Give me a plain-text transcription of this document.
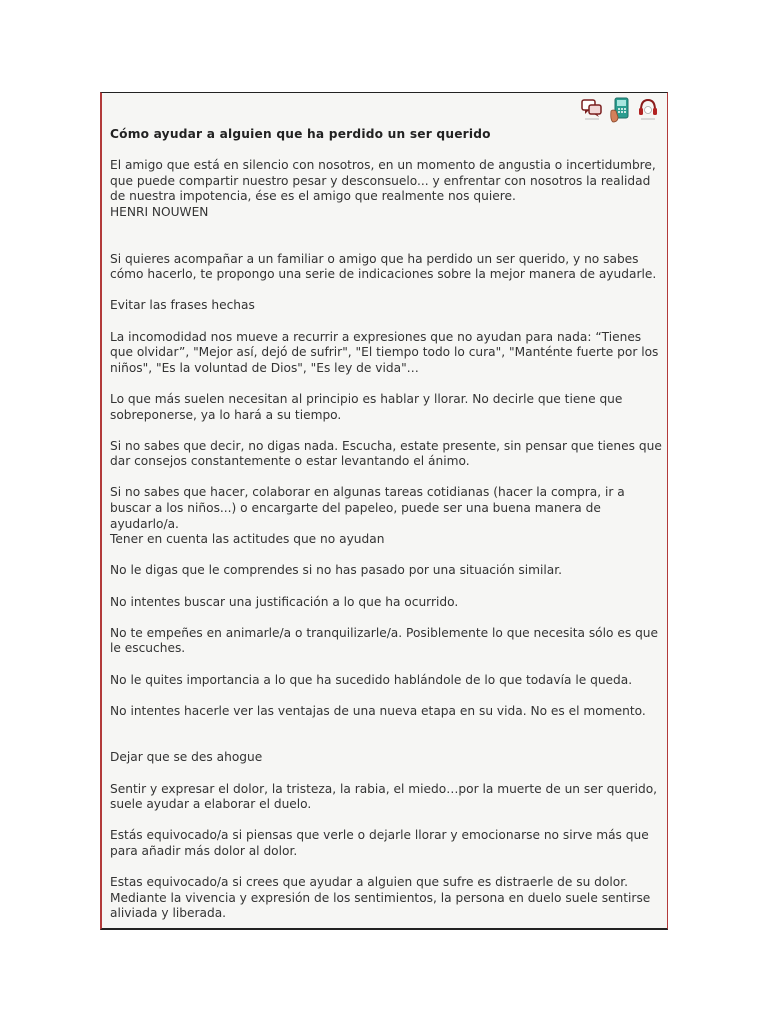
Cómo ayudar a alguien que ha perdido un ser querido

El amigo que está en silencio con nosotros, en un momento de angustia o incertidumbre, que puede compartir nuestro pesar y desconsuelo... y enfrentar con nosotros la realidad de nuestra impotencia, ése es el amigo que realmente nos quiere.

HENRI NOUWEN

Si quieres acompañar a un familiar o amigo que ha perdido un ser querido, y no sabes cómo hacerlo, te propongo una serie de indicaciones sobre la mejor manera de ayudarle.

Evitar las frases hechas

La incomodidad nos mueve a recurrir a expresiones que no ayudan para nada: “Tienes que olvidar”, "Mejor así, dejó de sufrir", "El tiempo todo lo cura", "Manténte fuerte por los niños", "Es la voluntad de Dios", "Es ley de vida"…

Lo que más suelen necesitan al principio es hablar y llorar. No decirle que tiene que sobreponerse, ya lo hará a su tiempo.

Si no sabes que decir, no digas nada. Escucha, estate presente, sin pensar que tienes que dar consejos constantemente o estar levantando el ánimo.

Si no sabes que hacer, colaborar en algunas tareas cotidianas (hacer la compra, ir a buscar a los niños...) o encargarte del papeleo, puede ser una buena manera de ayudarlo/a.

Tener en cuenta las actitudes que no ayudan

No le digas que le comprendes si no has pasado por una situación similar.

No intentes buscar una justificación a lo que ha ocurrido.

No te empeñes en animarle/a o tranquilizarle/a. Posiblemente lo que necesita sólo es que le escuches.

No le quites importancia a lo que ha sucedido hablándole de lo que todavía le queda.

No intentes hacerle ver las ventajas de una nueva etapa en su vida. No es el momento.

Dejar que se des ahogue

Sentir y expresar el dolor, la tristeza, la rabia, el miedo…por la muerte de un ser querido, suele ayudar a elaborar el duelo.

Estás equivocado/a si piensas que verle o dejarle llorar y emocionarse no sirve más que para añadir más dolor al dolor.

Estas equivocado/a si crees que ayudar a alguien que sufre es distraerle de su dolor. Mediante la vivencia y expresión de los sentimientos, la persona en duelo suele sentirse aliviada y liberada.
